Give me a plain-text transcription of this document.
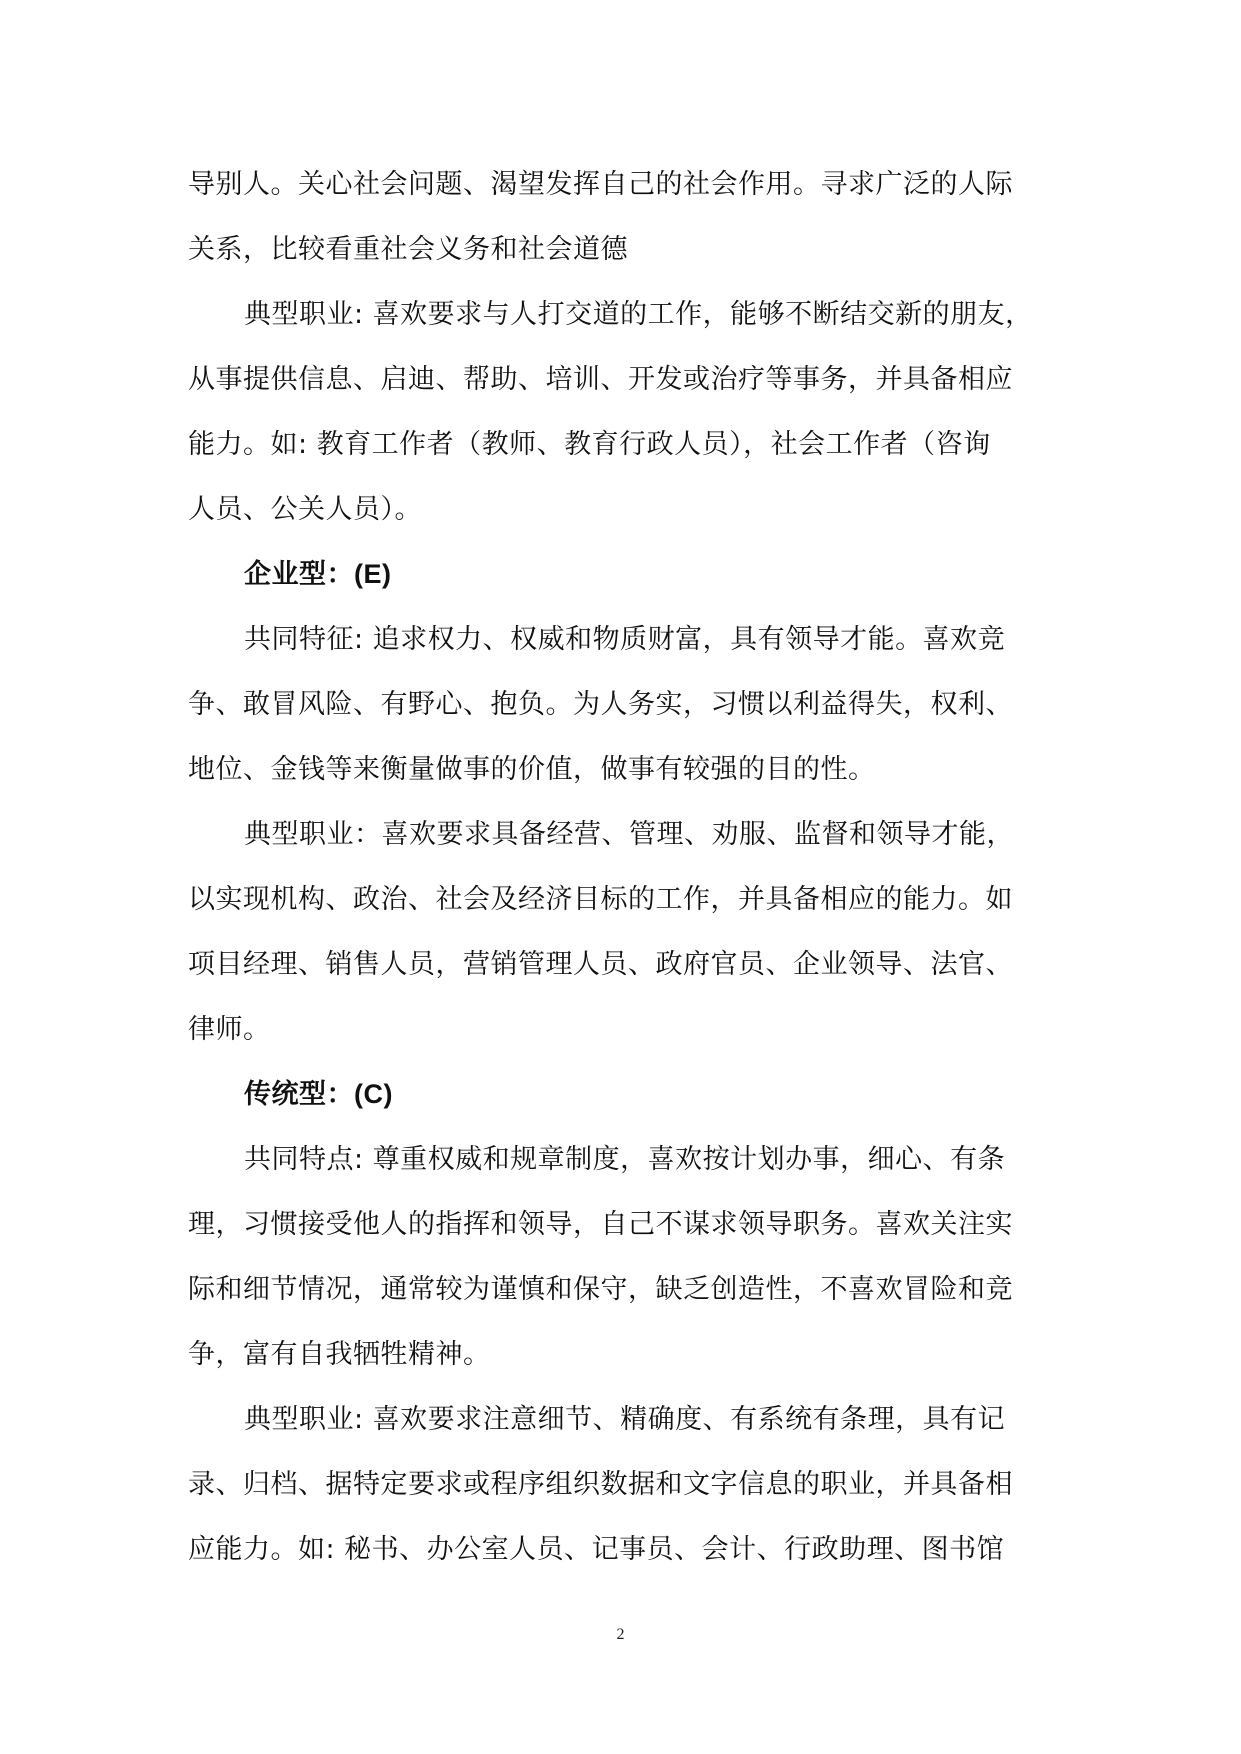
导别人。关心社会问题、渴望发挥自己的社会作用。寻求广泛的人际
关系，比较看重社会义务和社会道德
典型职业: 喜欢要求与人打交道的工作，能够不断结交新的朋友，
从事提供信息、启迪、帮助、培训、开发或治疗等事务，并具备相应
能力。如: 教育工作者（教师、教育行政人员），社会工作者（咨询
人员、公关人员）。
企业型：(E)
共同特征: 追求权力、权威和物质财富，具有领导才能。喜欢竞
争、敢冒风险、有野心、抱负。为人务实，习惯以利益得失，权利、
地位、金钱等来衡量做事的价值，做事有较强的目的性。
典型职业：喜欢要求具备经营、管理、劝服、监督和领导才能，
以实现机构、政治、社会及经济目标的工作，并具备相应的能力。如
项目经理、销售人员，营销管理人员、政府官员、企业领导、法官、
律师。
传统型：(C)
共同特点: 尊重权威和规章制度，喜欢按计划办事，细心、有条
理，习惯接受他人的指挥和领导，自己不谋求领导职务。喜欢关注实
际和细节情况，通常较为谨慎和保守，缺乏创造性，不喜欢冒险和竞
争，富有自我牺牲精神。
典型职业: 喜欢要求注意细节、精确度、有系统有条理，具有记
录、归档、据特定要求或程序组织数据和文字信息的职业，并具备相
应能力。如: 秘书、办公室人员、记事员、会计、行政助理、图书馆
2
